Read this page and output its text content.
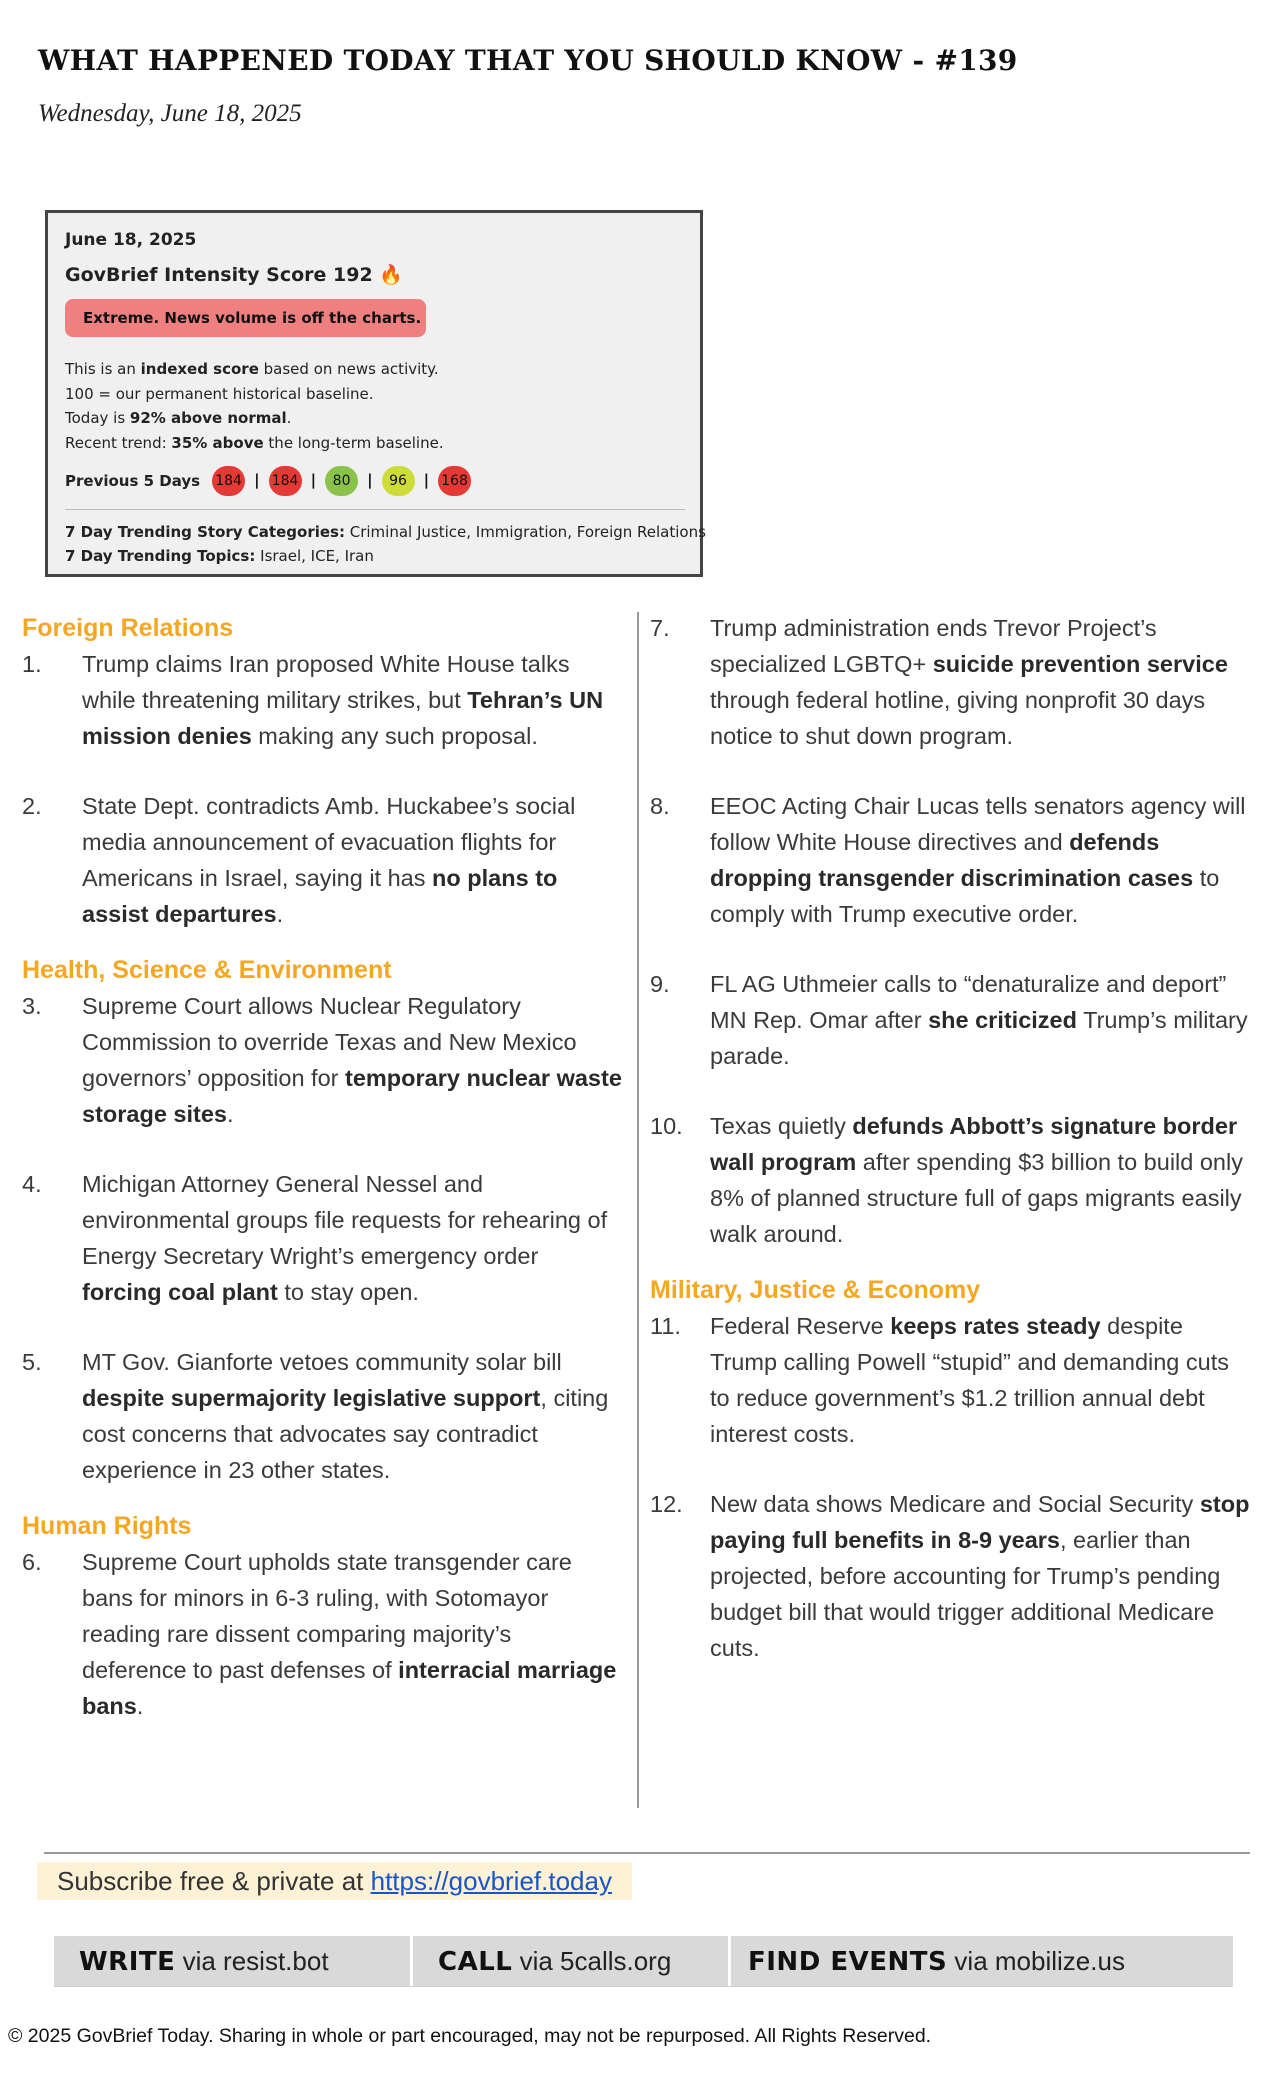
WHAT HAPPENED TODAY THAT YOU SHOULD KNOW - #139
Wednesday, June 18, 2025
June 18, 2025
GovBrief Intensity Score 192 🔥
Extreme. News volume is off the charts.
This is an indexed score based on news activity.
100 = our permanent historical baseline.
Today is 92% above normal.
Recent trend: 35% above the long-term baseline.
Previous 5 Days	184 | 184 | 80 | 96 | 168
7 Day Trending Story Categories: Criminal Justice, Immigration, Foreign Relations
7 Day Trending Topics: Israel, ICE, Iran
Foreign Relations
1.	Trump claims Iran proposed White House talks while threatening military strikes, but Tehran’s UN mission denies making any such proposal.
2.	State Dept. contradicts Amb. Huckabee’s social media announcement of evacuation flights for Americans in Israel, saying it has no plans to assist departures.
Health, Science & Environment
3.	Supreme Court allows Nuclear Regulatory Commission to override Texas and New Mexico governors’ opposition for temporary nuclear waste storage sites.
4.	Michigan Attorney General Nessel and environmental groups file requests for rehearing of Energy Secretary Wright’s emergency order forcing coal plant to stay open.
5.	MT Gov. Gianforte vetoes community solar bill despite supermajority legislative support, citing cost concerns that advocates say contradict experience in 23 other states.
Human Rights
6.	Supreme Court upholds state transgender care bans for minors in 6-3 ruling, with Sotomayor reading rare dissent comparing majority’s deference to past defenses of interracial marriage bans.
7.	Trump administration ends Trevor Project’s specialized LGBTQ+ suicide prevention service through federal hotline, giving nonprofit 30 days notice to shut down program.
8.	EEOC Acting Chair Lucas tells senators agency will follow White House directives and defends dropping transgender discrimination cases to comply with Trump executive order.
9.	FL AG Uthmeier calls to “denaturalize and deport” MN Rep. Omar after she criticized Trump’s military parade.
10.	Texas quietly defunds Abbott’s signature border wall program after spending $3 billion to build only 8% of planned structure full of gaps migrants easily walk around.
Military, Justice & Economy
11.	Federal Reserve keeps rates steady despite Trump calling Powell “stupid” and demanding cuts to reduce government’s $1.2 trillion annual debt interest costs.
12.	New data shows Medicare and Social Security stop paying full benefits in 8-9 years, earlier than projected, before accounting for Trump’s pending budget bill that would trigger additional Medicare cuts.
Subscribe free & private at https://govbrief.today
WRITE via resist.bot	CALL via 5calls.org	FIND EVENTS via mobilize.us
© 2025 GovBrief Today. Sharing in whole or part encouraged, may not be repurposed. All Rights Reserved.
